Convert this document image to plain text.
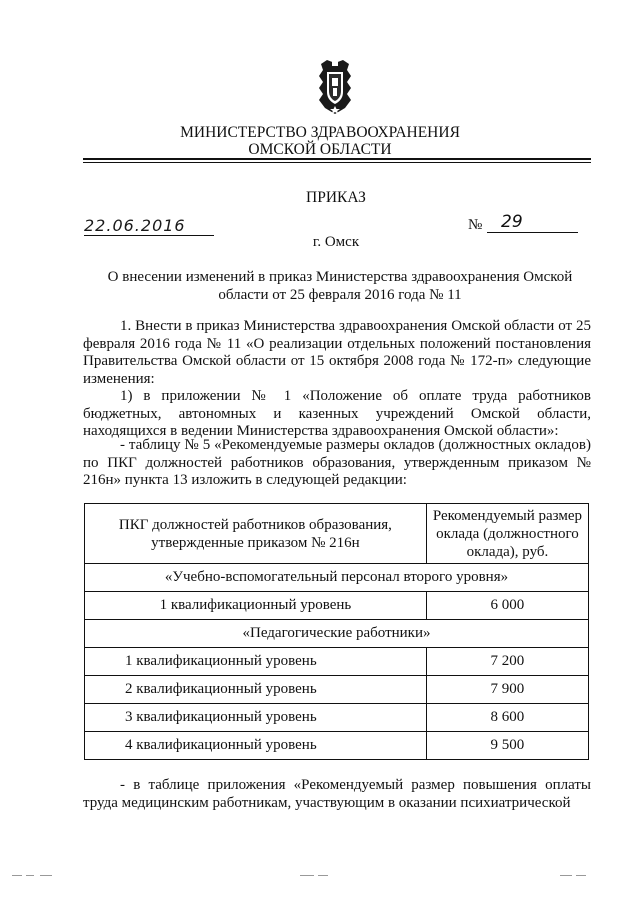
МИНИСТЕРСТВО ЗДРАВООХРАНЕНИЯ
ОМСКОЙ ОБЛАСТИ
ПРИКАЗ
22.06.2016	№	29
г. Омск
О внесении изменений в приказ Министерства здравоохранения Омской области от 25 февраля 2016 года № 11
1. Внести в приказ Министерства здравоохранения Омской области от 25 февраля 2016 года № 11 «О реализации отдельных положений постановления Правительства Омской области от 15 октября 2008 года № 172-п» следующие изменения:
1) в приложении № 1 «Положение об оплате труда работников бюджетных, автономных и казенных учреждений Омской области, находящихся в ведении Министерства здравоохранения Омской области»:
- таблицу № 5 «Рекомендуемые размеры окладов (должностных окладов) по ПКГ должностей работников образования, утвержденным приказом № 216н» пункта 13 изложить в следующей редакции:
ПКГ должностей работников образования, утвержденные приказом № 216н	Рекомендуемый размер оклада (должностного оклада), руб.
«Учебно-вспомогательный персонал второго уровня»	
1 квалификационный уровень	6 000
«Педагогические работники»	
1 квалификационный уровень	7 200
2 квалификационный уровень	7 900
3 квалификационный уровень	8 600
4 квалификационный уровень	9 500
- в таблице приложения «Рекомендуемый размер повышения оплаты труда медицинским работникам, участвующим в оказании психиатрической
